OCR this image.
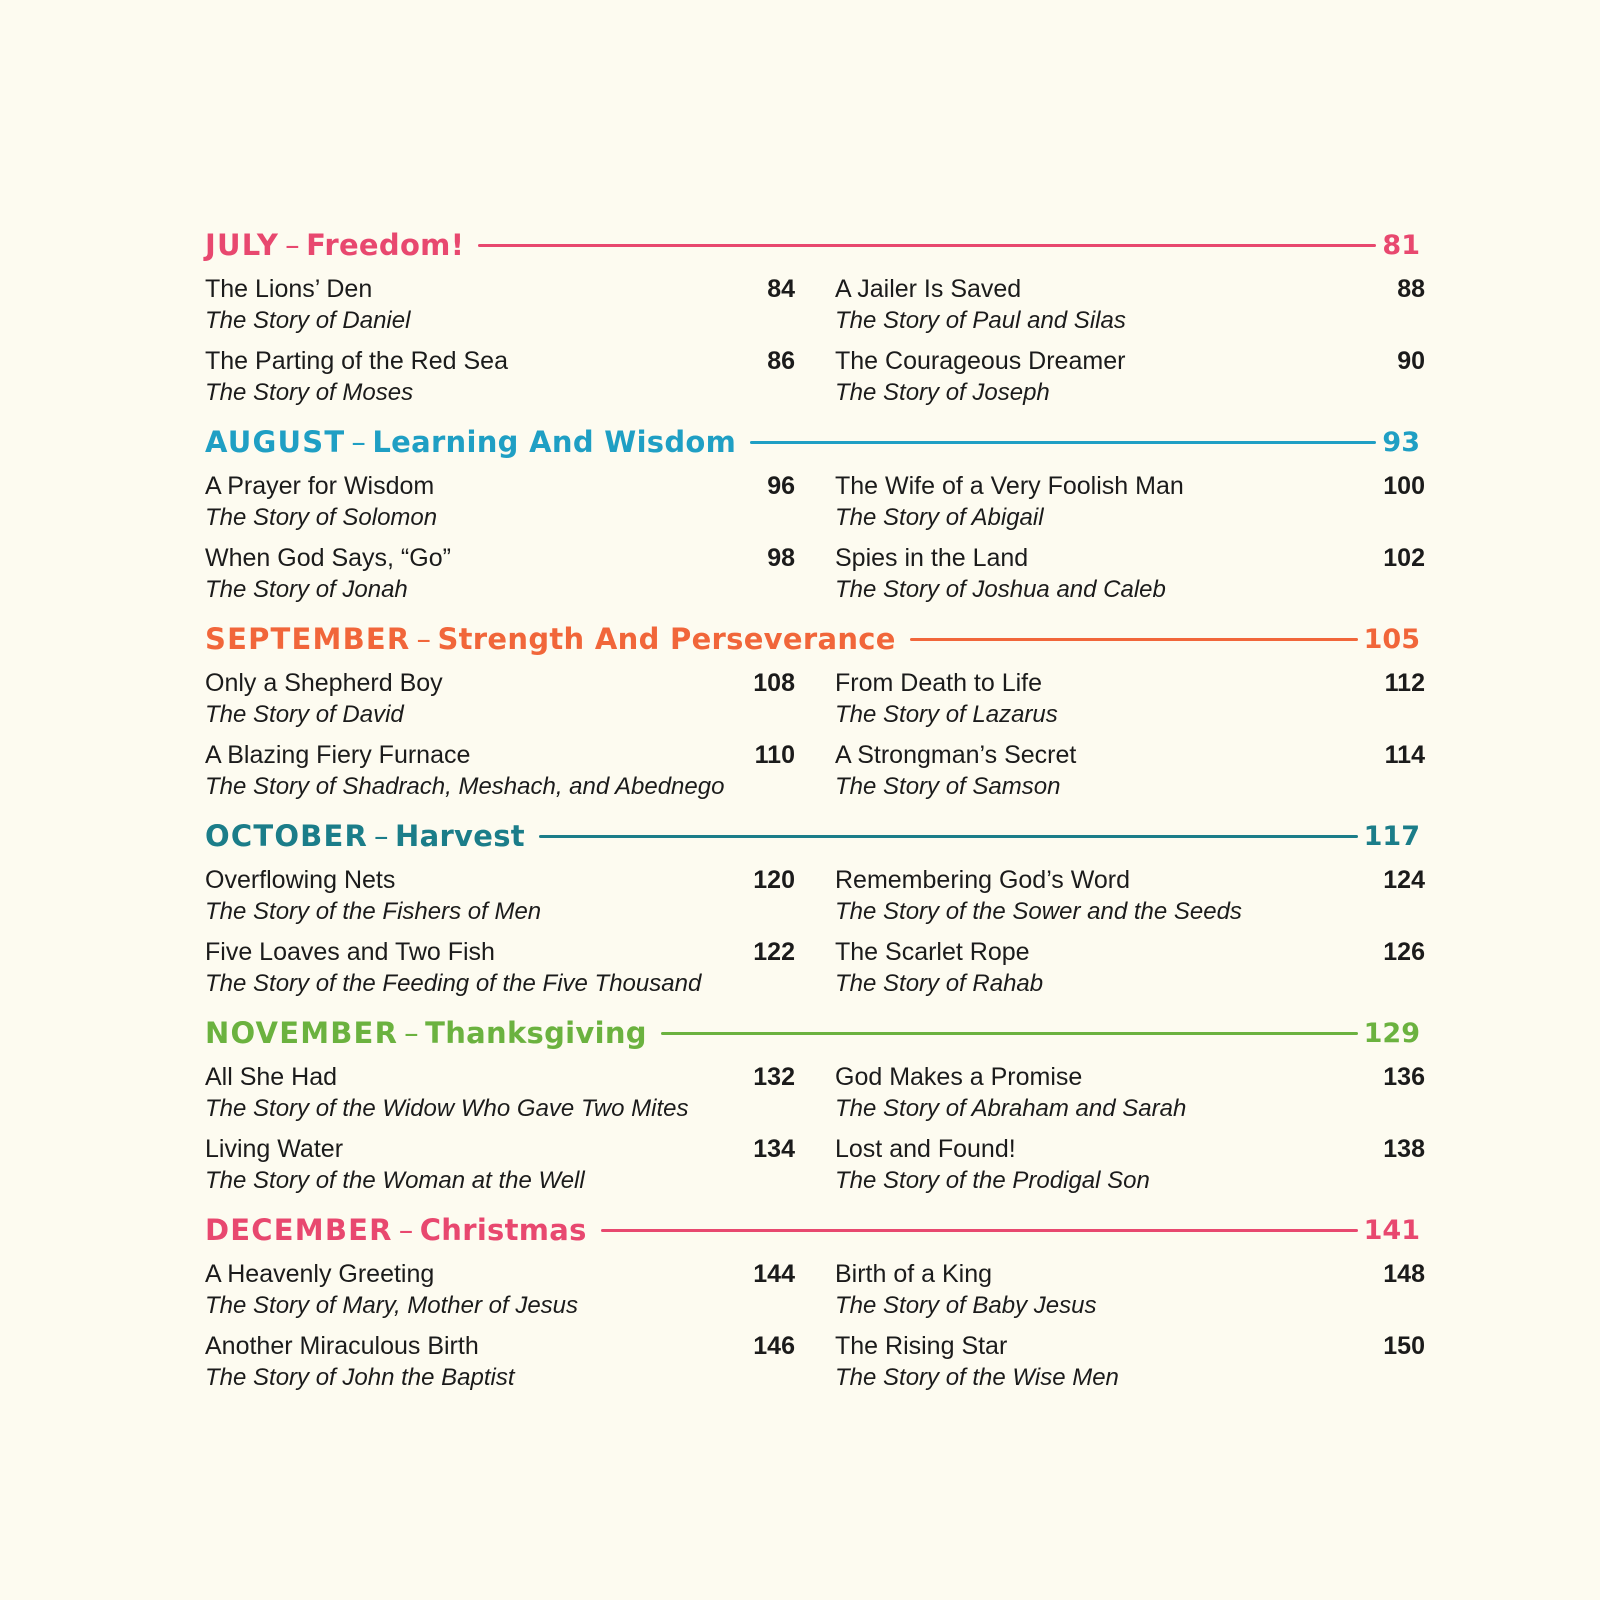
JULY – Freedom!	81
The Lions’ Den .....	84
The Story of Daniel
A Jailer Is Saved .....	88
The Story of Paul and Silas
The Parting of the Red Sea .....	86
The Story of Moses
The Courageous Dreamer .....	90
The Story of Joseph
AUGUST – Learning And Wisdom	93
A Prayer for Wisdom .....	96
The Story of Solomon
The Wife of a Very Foolish Man .....	100
The Story of Abigail
When God Says, “Go” .....	98
The Story of Jonah
Spies in the Land .....	102
The Story of Joshua and Caleb
SEPTEMBER – Strength And Perseverance	105
Only a Shepherd Boy .....	108
The Story of David
From Death to Life .....	112
The Story of Lazarus
A Blazing Fiery Furnace .....	110
The Story of Shadrach, Meshach, and Abednego
A Strongman’s Secret .....	114
The Story of Samson
OCTOBER – Harvest	117
Overflowing Nets .....	120
The Story of the Fishers of Men
Remembering God’s Word .....	124
The Story of the Sower and the Seeds
Five Loaves and Two Fish .....	122
The Story of the Feeding of the Five Thousand
The Scarlet Rope .....	126
The Story of Rahab
NOVEMBER – Thanksgiving	129
All She Had .....	132
The Story of the Widow Who Gave Two Mites
God Makes a Promise .....	136
The Story of Abraham and Sarah
Living Water .....	134
The Story of the Woman at the Well
Lost and Found! .....	138
The Story of the Prodigal Son
DECEMBER – Christmas	141
A Heavenly Greeting .....	144
The Story of Mary, Mother of Jesus
Birth of a King .....	148
The Story of Baby Jesus
Another Miraculous Birth .....	146
The Story of John the Baptist
The Rising Star .....	150
The Story of the Wise Men
